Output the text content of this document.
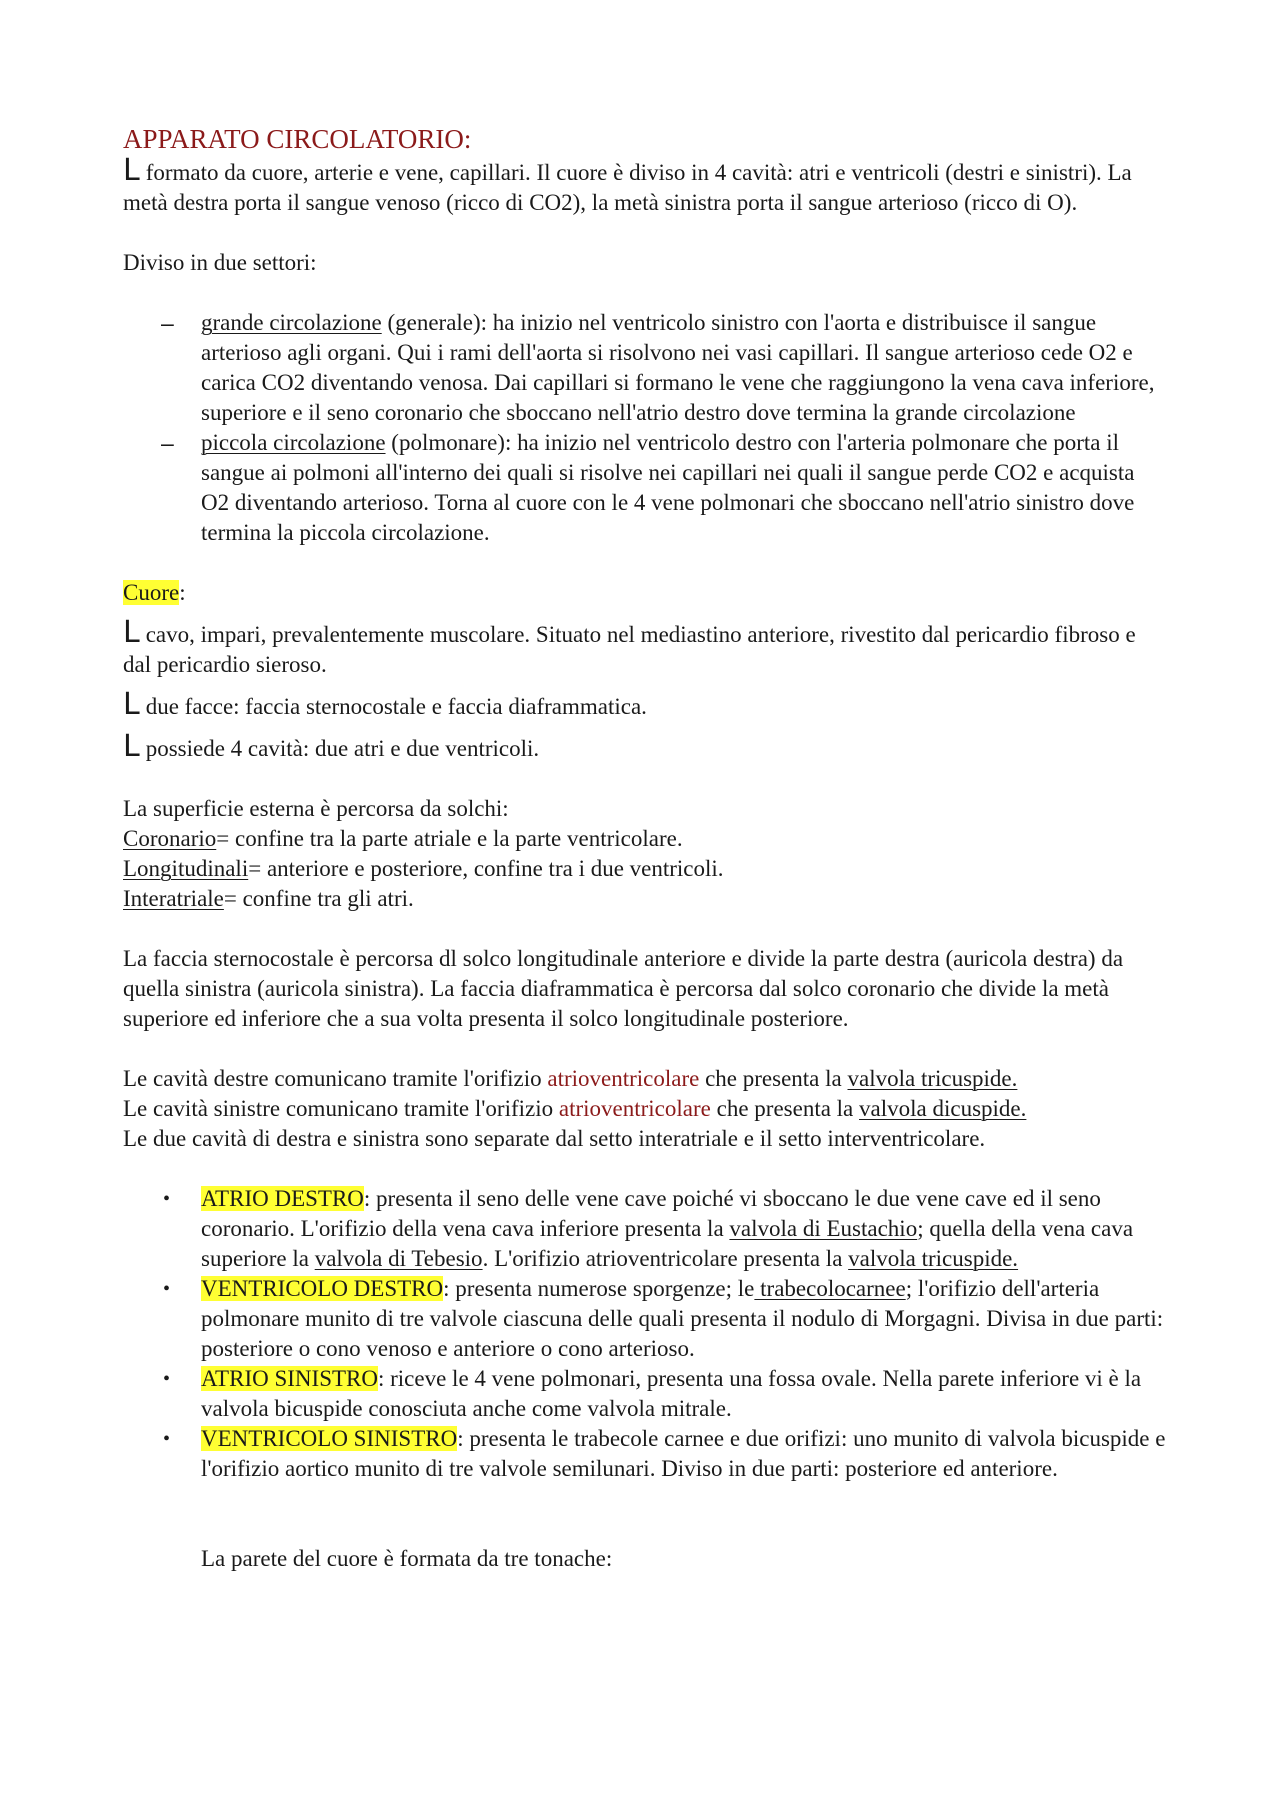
APPARATO CIRCOLATORIO:

L formato da cuore, arterie e vene, capillari. Il cuore è diviso in 4 cavità: atri e ventricoli (destri e sinistri). La metà destra porta il sangue venoso (ricco di CO2), la metà sinistra porta il sangue arterioso (ricco di O).

Diviso in due settori:

– grande circolazione (generale): ha inizio nel ventricolo sinistro con l'aorta e distribuisce il sangue arterioso agli organi. Qui i rami dell'aorta si risolvono nei vasi capillari. Il sangue arterioso cede O2 e carica CO2 diventando venosa. Dai capillari si formano le vene che raggiungono la vena cava inferiore, superiore e il seno coronario che sboccano nell'atrio destro dove termina la grande circolazione
– piccola circolazione (polmonare): ha inizio nel ventricolo destro con l'arteria polmonare che porta il sangue ai polmoni all'interno dei quali si risolve nei capillari nei quali il sangue perde CO2 e acquista O2 diventando arterioso. Torna al cuore con le 4 vene polmonari che sboccano nell'atrio sinistro dove termina la piccola circolazione.

Cuore:

L cavo, impari, prevalentemente muscolare. Situato nel mediastino anteriore, rivestito dal pericardio fibroso e dal pericardio sieroso.

L due facce: faccia sternocostale e faccia diaframmatica.

L possiede 4 cavità: due atri e due ventricoli.

La superficie esterna è percorsa da solchi:

Coronario= confine tra la parte atriale e la parte ventricolare.

Longitudinali= anteriore e posteriore, confine tra i due ventricoli.

Interatriale= confine tra gli atri.

La faccia sternocostale è percorsa dl solco longitudinale anteriore e divide la parte destra (auricola destra) da quella sinistra (auricola sinistra). La faccia diaframmatica è percorsa dal solco coronario che divide la metà superiore ed inferiore che a sua volta presenta il solco longitudinale posteriore.

Le cavità destre comunicano tramite l'orifizio atrioventricolare che presenta la valvola tricuspide.

Le cavità sinistre comunicano tramite l'orifizio atrioventricolare che presenta la valvola dicuspide.

Le due cavità di destra e sinistra sono separate dal setto interatriale e il setto interventricolare.

• ATRIO DESTRO: presenta il seno delle vene cave poiché vi sboccano le due vene cave ed il seno coronario. L'orifizio della vena cava inferiore presenta la valvola di Eustachio; quella della vena cava superiore la valvola di Tebesio. L'orifizio atrioventricolare presenta la valvola tricuspide.
• VENTRICOLO DESTRO: presenta numerose sporgenze; le trabecolocarnee; l'orifizio dell'arteria polmonare munito di tre valvole ciascuna delle quali presenta il nodulo di Morgagni. Divisa in due parti: posteriore o cono venoso e anteriore o cono arterioso.
• ATRIO SINISTRO: riceve le 4 vene polmonari, presenta una fossa ovale. Nella parete inferiore vi è la valvola bicuspide conosciuta anche come valvola mitrale.
• VENTRICOLO SINISTRO: presenta le trabecole carnee e due orifizi: uno munito di valvola bicuspide e l'orifizio aortico munito di tre valvole semilunari. Diviso in due parti: posteriore ed anteriore.

La parete del cuore è formata da tre tonache:
